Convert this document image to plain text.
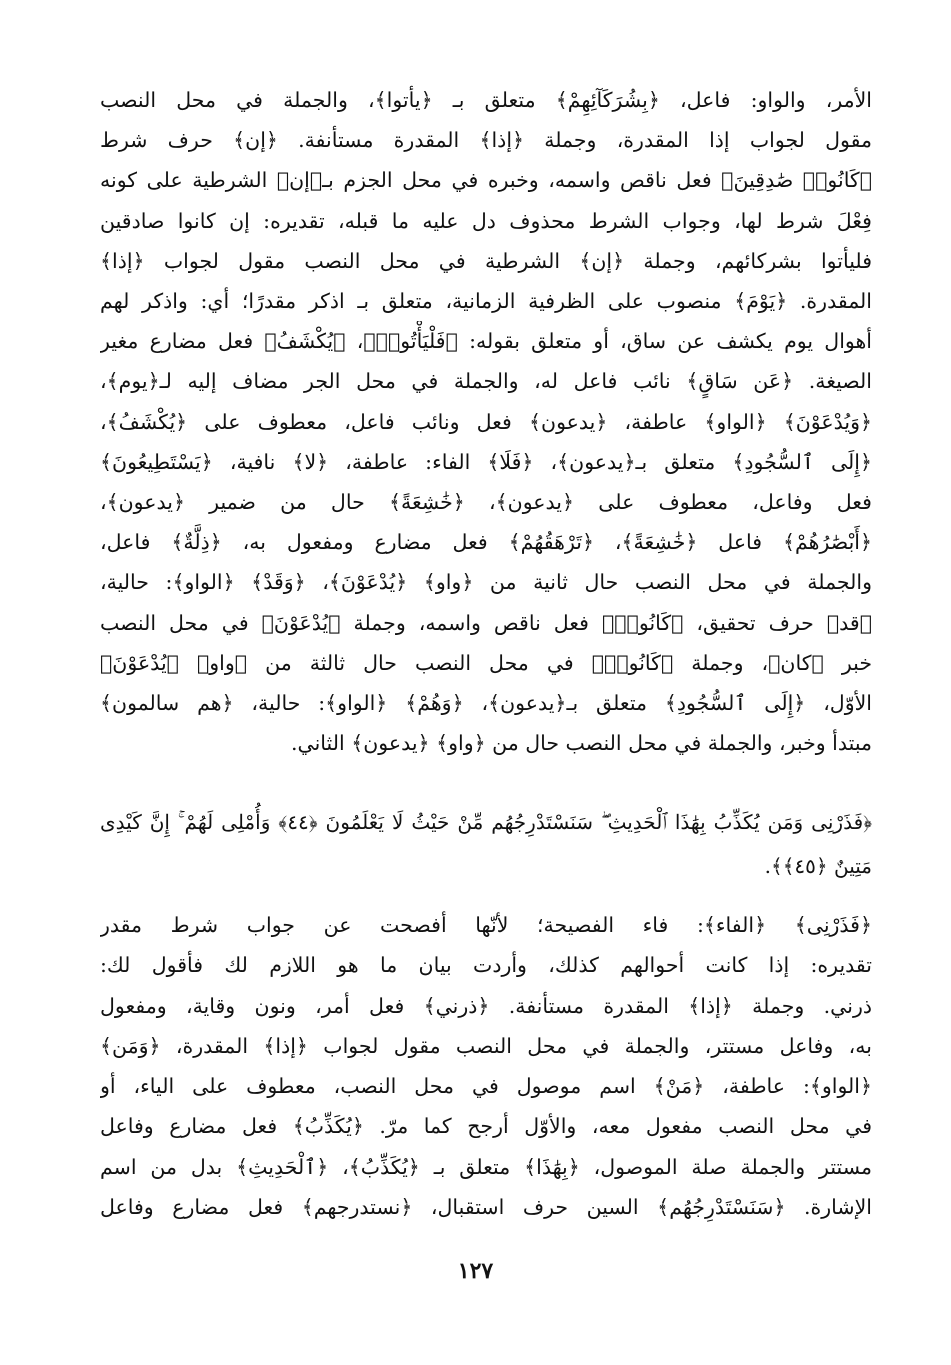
الأمر، والواو: فاعل، ﴿بِشُرَكَآئِهِمْ﴾ متعلق بـ ﴿يأتوا﴾، والجملة في محل النصب
مقول لجواب إذا المقدرة، وجملة ﴿إذا﴾ المقدرة مستأنفة. ﴿إن﴾ حرف شرط
﴿كَانُوا۟ صَٰدِقِينَ﴾ فعل ناقص واسمه، وخبره في محل الجزم بـ﴿إن﴾ الشرطية على كونه
فِعْلَ شرط لها، وجواب الشرط محذوف دل عليه ما قبله، تقديره: إن كانوا صادقين
فليأتوا بشركائهم، وجملة ﴿إن﴾ الشرطية في محل النصب مقول لجواب ﴿إذا﴾
المقدرة. ﴿يَوْمَ﴾ منصوب على الظرفية الزمانية، متعلق بـ اذكر مقدرًا؛ أي: واذكر لهم
أهوال يوم يكشف عن ساق، أو متعلق بقوله: ﴿فَلْيَأْتُوا۟﴾، ﴿يُكْشَفُ﴾ فعل مضارع مغير
الصيغة. ﴿عَن سَاقٍ﴾ نائب فاعل له، والجملة في محل الجر مضاف إليه لـ﴿يوم﴾،
﴿وَيُدْعَوْنَ﴾ ﴿الواو﴾ عاطفة، ﴿يدعون﴾ فعل ونائب فاعل، معطوف على ﴿يُكْشَفُ﴾،
﴿إِلَى ٱلسُّجُودِ﴾ متعلق بـ﴿يدعون﴾، ﴿فَلَا﴾ الفاء: عاطفة، ﴿لا﴾ نافية، ﴿يَسْتَطِيعُونَ﴾
فعل وفاعل، معطوف على ﴿يدعون﴾، ﴿خَٰشِعَةً﴾ حال من ضمير ﴿يدعون﴾،
﴿أَبْصَٰرُهُمْ﴾ فاعل ﴿خَٰشِعَةً﴾، ﴿تَرْهَقُهُمْ﴾ فعل مضارع ومفعول به، ﴿ذِلَّةٌ﴾ فاعل،
والجملة في محل النصب حال ثانية من ﴿واو﴾ ﴿يُدْعَوْنَ﴾، ﴿وَقَدْ﴾ ﴿الواو﴾: حالية،
﴿قد﴾ حرف تحقيق، ﴿كَانُوا۟﴾ فعل ناقص واسمه، وجملة ﴿يُدْعَوْنَ﴾ في محل النصب
خبر ﴿كان﴾، وجملة ﴿كَانُوا۟﴾ في محل النصب حال ثالثة من ﴿واو﴾ ﴿يُدْعَوْنَ﴾
الأوّل، ﴿إِلَى ٱلسُّجُودِ﴾ متعلق بـ﴿يدعون﴾، ﴿وَهُمْ﴾ ﴿الواو﴾: حالية، ﴿هم سالمون﴾
مبتدأ وخبر، والجملة في محل النصب حال من ﴿واو﴾ ﴿يدعون﴾ الثاني.
﴿فَذَرْنِى وَمَن يُكَذِّبُ بِهَٰذَا ٱلْحَدِيثِ ۖ سَنَسْتَدْرِجُهُم مِّنْ حَيْثُ لَا يَعْلَمُونَ ﴿٤٤﴾ وَأُمْلِى لَهُمْ ۚ إِنَّ كَيْدِى
مَتِينٌ ﴿٤٥﴾﴾.
﴿فَذَرْنِى﴾ ﴿الفاء﴾: فاء الفصيحة؛ لأنّها أفصحت عن جواب شرط مقدر
تقديره: إذا كانت أحوالهم كذلك، وأردت بيان ما هو اللازم لك فأقول لك:
ذرني. وجملة ﴿إذا﴾ المقدرة مستأنفة. ﴿ذرني﴾ فعل أمر، ونون وقاية، ومفعول
به، وفاعل مستتر، والجملة في محل النصب مقول لجواب ﴿إذا﴾ المقدرة، ﴿وَمَن﴾
﴿الواو﴾: عاطفة، ﴿مَنْ﴾ اسم موصول في محل النصب، معطوف على الياء، أو
في محل النصب مفعول معه، والأوّل أرجح كما مرّ. ﴿يُكَذِّبُ﴾ فعل مضارع وفاعل
مستتر والجملة صلة الموصول، ﴿بِهَٰذَا﴾ متعلق بـ ﴿يُكَذِّبُ﴾، ﴿ٱلْحَدِيثِ﴾ بدل من اسم
الإشارة. ﴿سَنَسْتَدْرِجُهُم﴾ السين حرف استقبال، ﴿نستدرجهم﴾ فعل مضارع وفاعل
١٢٧
